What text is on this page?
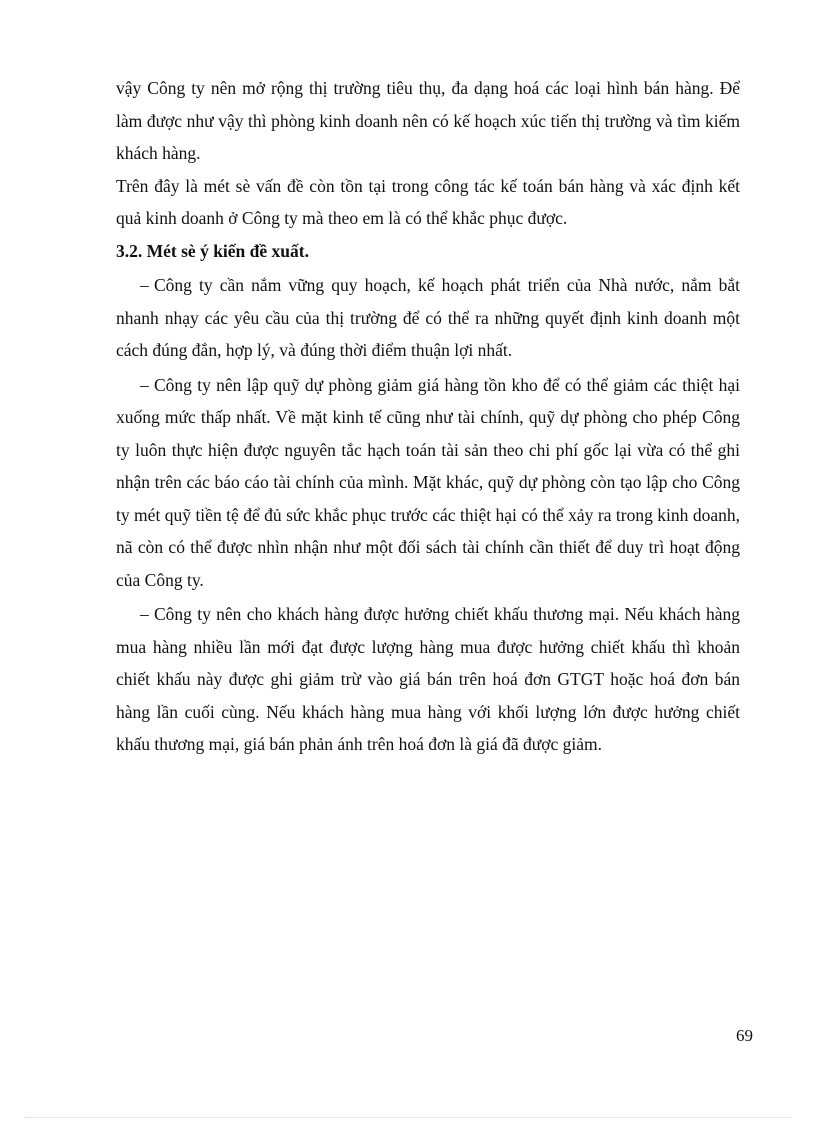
vậy Công ty nên mở rộng thị trường tiêu thụ, đa dạng hoá các loại hình bán hàng. Để làm được như vậy thì phòng kinh doanh nên có kế hoạch xúc tiến thị trường và tìm kiếm khách hàng.

Trên đây là mét sè vấn đề còn tồn tại trong công tác kế toán bán hàng và xác định kết quả kinh doanh ở Công ty mà theo em là có thể khắc phục được.

3.2. Mét sè ý kiến đề xuất.

– Công ty cần nắm vững quy hoạch, kế hoạch phát triển của Nhà nước, nắm bắt nhanh nhạy các yêu cầu của thị trường để có thể ra những quyết định kinh doanh một cách đúng đắn, hợp lý, và đúng thời điểm thuận lợi nhất.

– Công ty nên lập quỹ dự phòng giảm giá hàng tồn kho để có thể giảm các thiệt hại xuống mức thấp nhất. Về mặt kinh tế cũng như tài chính, quỹ dự phòng cho phép Công ty luôn thực hiện được nguyên tắc hạch toán tài sản theo chi phí gốc lại vừa có thể ghi nhận trên các báo cáo tài chính của mình. Mặt khác, quỹ dự phòng còn tạo lập cho Công ty mét quỹ tiền tệ để đủ sức khắc phục trước các thiệt hại có thể xảy ra trong kinh doanh, nã còn có thể được nhìn nhận như một đối sách tài chính cần thiết để duy trì hoạt động của Công ty.

– Công ty nên cho khách hàng được hưởng chiết khấu thương mại. Nếu khách hàng mua hàng nhiều lần mới đạt được lượng hàng mua được hưởng chiết khấu thì khoản chiết khấu này được ghi giảm trừ vào giá bán trên hoá đơn GTGT hoặc hoá đơn bán hàng lần cuối cùng. Nếu khách hàng mua hàng với khối lượng lớn được hưởng chiết khấu thương mại, giá bán phản ánh trên hoá đơn là giá đã được giảm.

69
